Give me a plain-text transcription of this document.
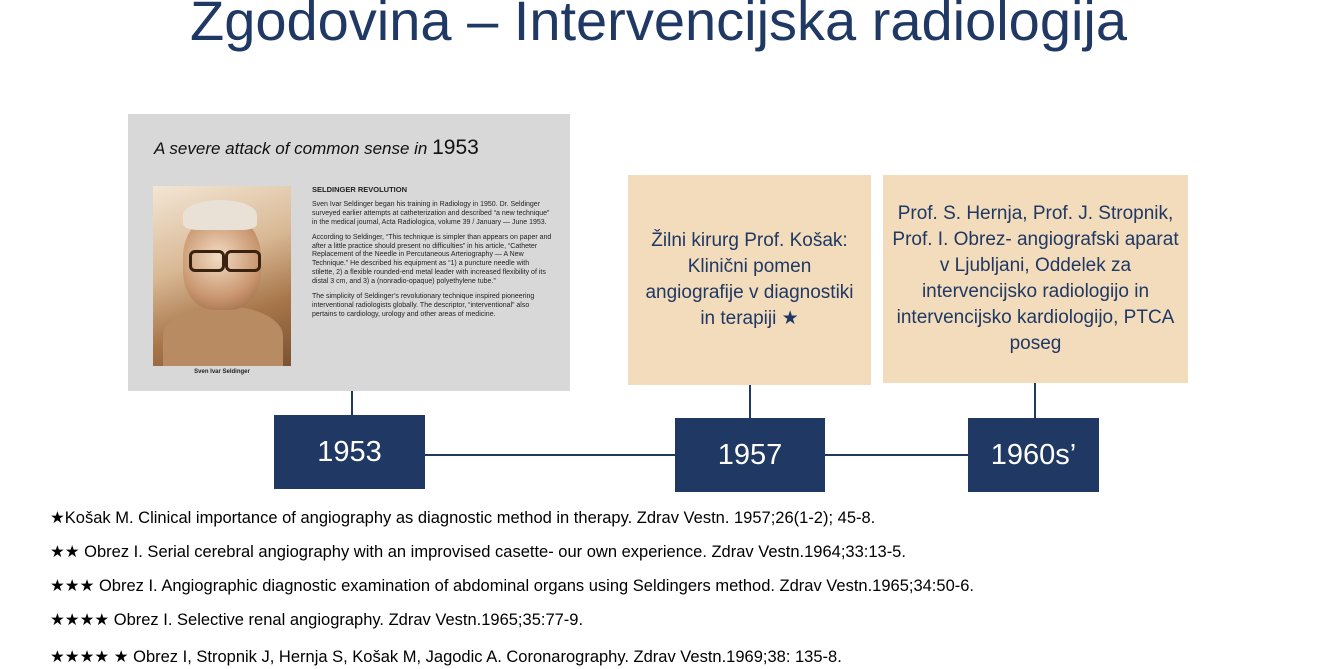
Zgodovina – Intervencijska radiologija
A severe attack of common sense in 1953
Sven Ivar Seldinger
SELDINGER REVOLUTION

Sven Ivar Seldinger began his training in Radiology in 1950. Dr. Seldinger surveyed earlier attempts at catheterization and described “a new technique” in the medical journal, Acta Radiologica, volume 39 / January — June 1953.

According to Seldinger, “This technique is simpler than appears on paper and after a little practice should present no difficulties” in his article, “Catheter Replacement of the Needle in Percutaneous Arteriography — A New Technique.” He described his equipment as “1) a puncture needle with stilette, 2) a flexible rounded-end metal leader with increased flexibility of its distal 3 cm, and 3) a (nonradio-opaque) polyethylene tube.”

The simplicity of Seldinger’s revolutionary technique inspired pioneering interventional radiologists globally. The descriptor, “interventional” also pertains to cardiology, urology and other areas of medicine.

Žilni kirurg Prof. Košak: Klinični pomen angiografije v diagnostiki in terapiji ★
Prof. S. Hernja, Prof. J. Stropnik, Prof. I. Obrez- angiografski aparat v Ljubljani, Oddelek za intervencijsko radiologijo in intervencijsko kardiologijo, PTCA poseg
1953	1957	1960s’
★Košak M. Clinical importance of angiography as diagnostic method in therapy. Zdrav Vestn. 1957;26(1-2); 45-8.
★★ Obrez I. Serial cerebral angiography with an improvised casette- our own experience. Zdrav Vestn.1964;33:13-5.
★★★ Obrez I. Angiographic diagnostic examination of abdominal organs using Seldingers method. Zdrav Vestn.1965;34:50-6.
★★★★ Obrez I. Selective renal angiography. Zdrav Vestn.1965;35:77-9.
★★★★ ★ Obrez I, Stropnik J, Hernja S, Košak M, Jagodic A. Coronarography. Zdrav Vestn.1969;38: 135-8.
